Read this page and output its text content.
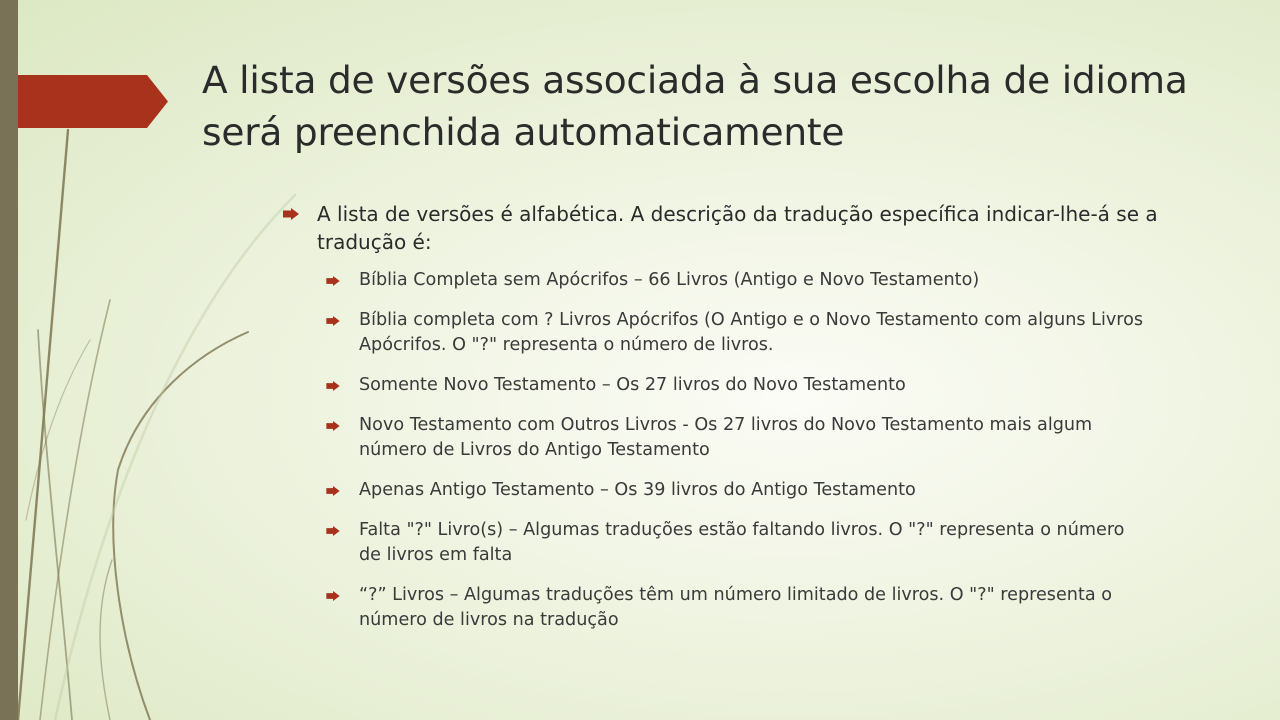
A lista de versões associada à sua escolha de idioma será preenchida automaticamente
A lista de versões é alfabética. A descrição da tradução específica indicar-lhe-á se a tradução é:
Bíblia Completa sem Apócrifos – 66 Livros (Antigo e Novo Testamento)
Bíblia completa com ? Livros Apócrifos (O Antigo e o Novo Testamento com alguns Livros Apócrifos. O "?" representa o número de livros.
Somente Novo Testamento – Os 27 livros do Novo Testamento
Novo Testamento com Outros Livros - Os 27 livros do Novo Testamento mais algum número de Livros do Antigo Testamento
Apenas Antigo Testamento – Os 39 livros do Antigo Testamento
Falta "?" Livro(s) – Algumas traduções estão faltando livros. O "?" representa o número de livros em falta
“?” Livros – Algumas traduções têm um número limitado de livros. O "?" representa o número de livros na tradução
